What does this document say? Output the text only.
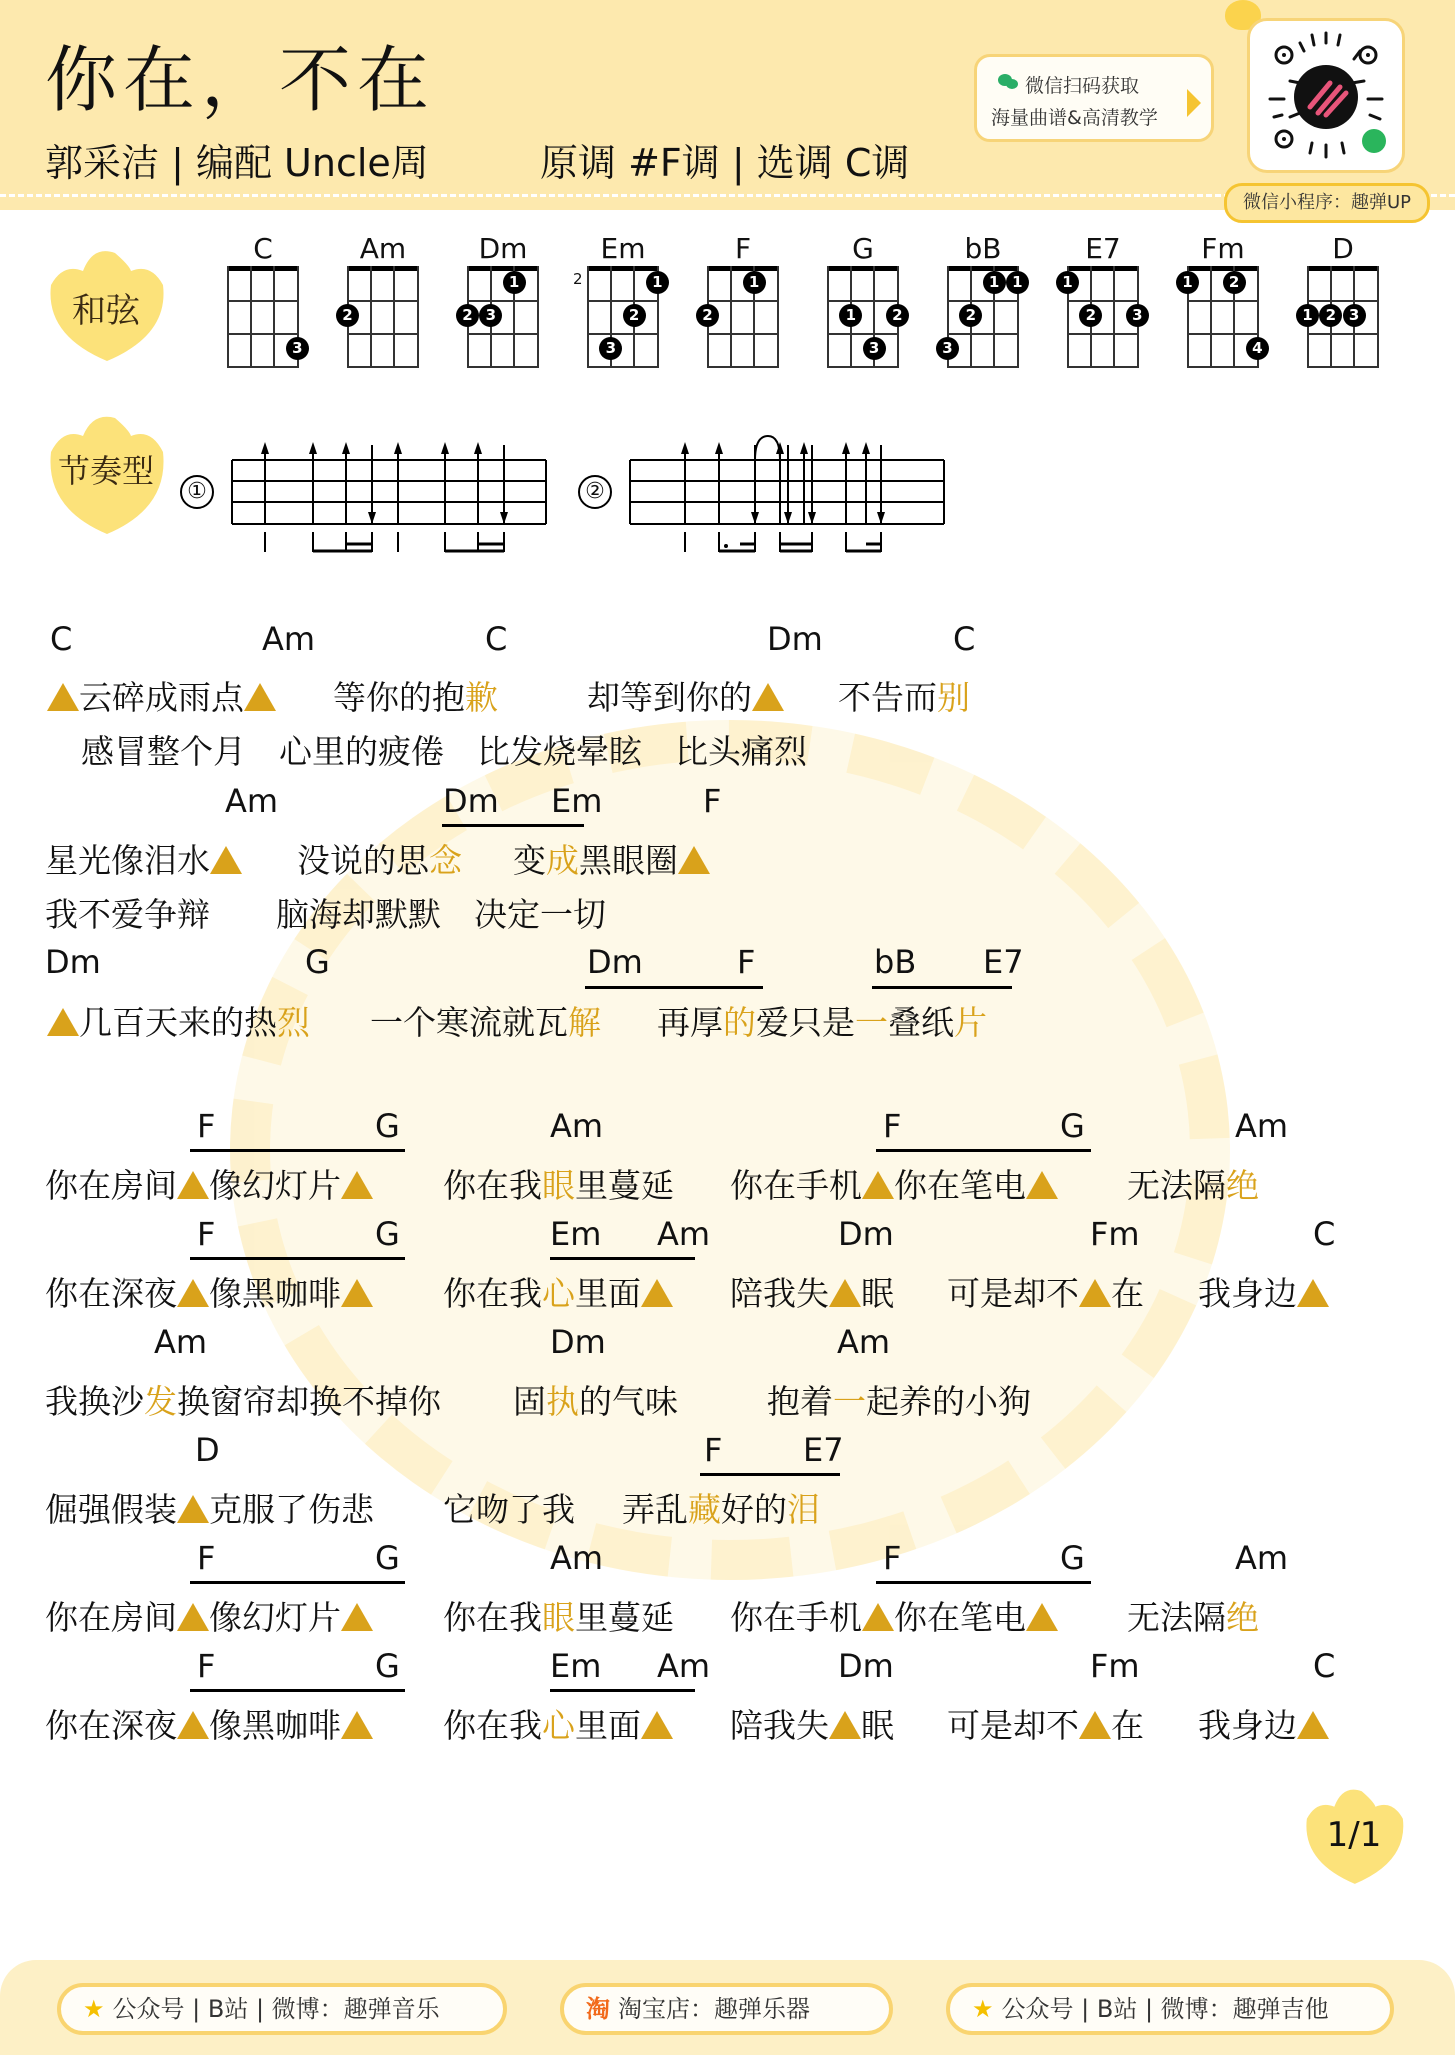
你在，不在
郭采洁 | 编配 Uncle周	原调 #F调 | 选调 C调
微信扫码获取
海量曲谱&高清教学
微信小程序：趣弹UP
和弦
节奏型
C
3
Am
2
Dm
1
2 3
Em
1
2
3
2
F
1
2
G
1	2
3
bB
1 1
2
3
E7
1
2	3
Fm
1	2
4
D
1 2 3
①	②
C	Am	C	Dm	C
云碎成雨点	等你的抱歉	却等到你的	不告而别
感冒整个月　心里的疲倦　比发烧晕眩　比头痛烈
Am	Dm Em	F
星光像泪水	没说的思念 变成黑眼圈
我不爱争辩　　脑海却默默　决定一切
Dm	G	Dm	F	bB E7
几百天来的热烈 一个寒流就瓦解 再厚的爱只是一叠纸片
F	G	Am	F	G	Am
你在房间 像幻灯片	你在我眼里蔓延 你在手机 你在笔电	无法隔绝
F	G	Em Am	Dm	Fm	C
你在深夜 像黑咖啡	你在我心里面	陪我失 眠 可是却不 在 我身边
Am	Dm	Am
我换沙发换窗帘却换不掉你 固执的气味	抱着一起养的小狗
D	F	E7
倔强假装 克服了伤悲 它吻了我 弄乱藏好的泪
F	G	Am	F	G	Am
你在房间 像幻灯片	你在我眼里蔓延 你在手机 你在笔电	无法隔绝
F	G	Em Am	Dm	Fm	C
你在深夜 像黑咖啡	你在我心里面	陪我失 眠 可是却不 在 我身边
1/1
★ 公众号 | B站 | 微博：趣弹音乐	淘 淘宝店：趣弹乐器	★ 公众号 | B站 | 微博：趣弹吉他
